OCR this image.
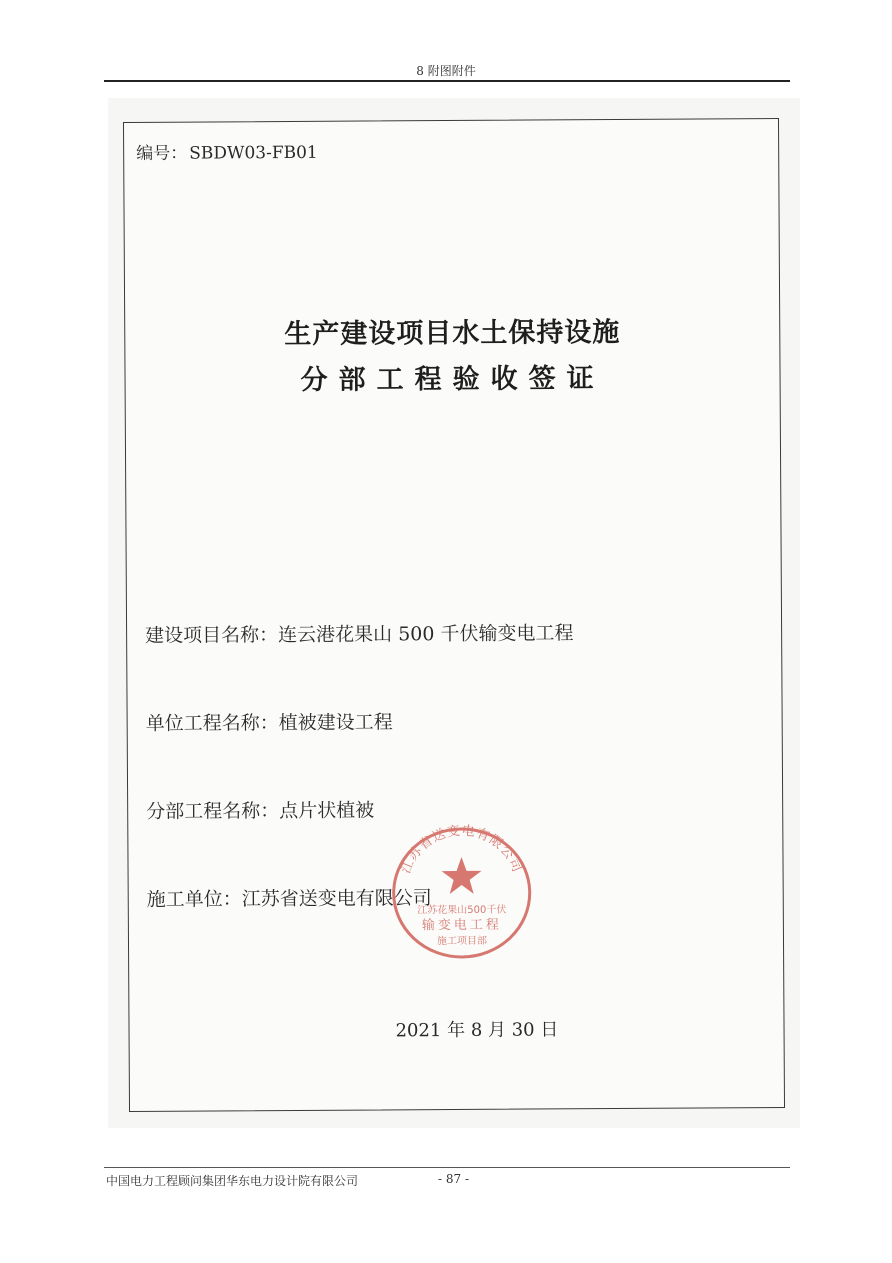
8 附图附件
编号： SBDW03-FB01
生产建设项目水土保持设施
分部工程验收签证
建设项目名称：连云港花果山 500 千伏输变电工程
单位工程名称：植被建设工程
分部工程名称：点片状植被
施工单位：江苏省送变电有限公司
江苏省送变电有限公司
江苏花果山500千伏
输变电工程
施工项目部
2021 年 8 月 30 日
中国电力工程顾问集团华东电力设计院有限公司	- 87 -
